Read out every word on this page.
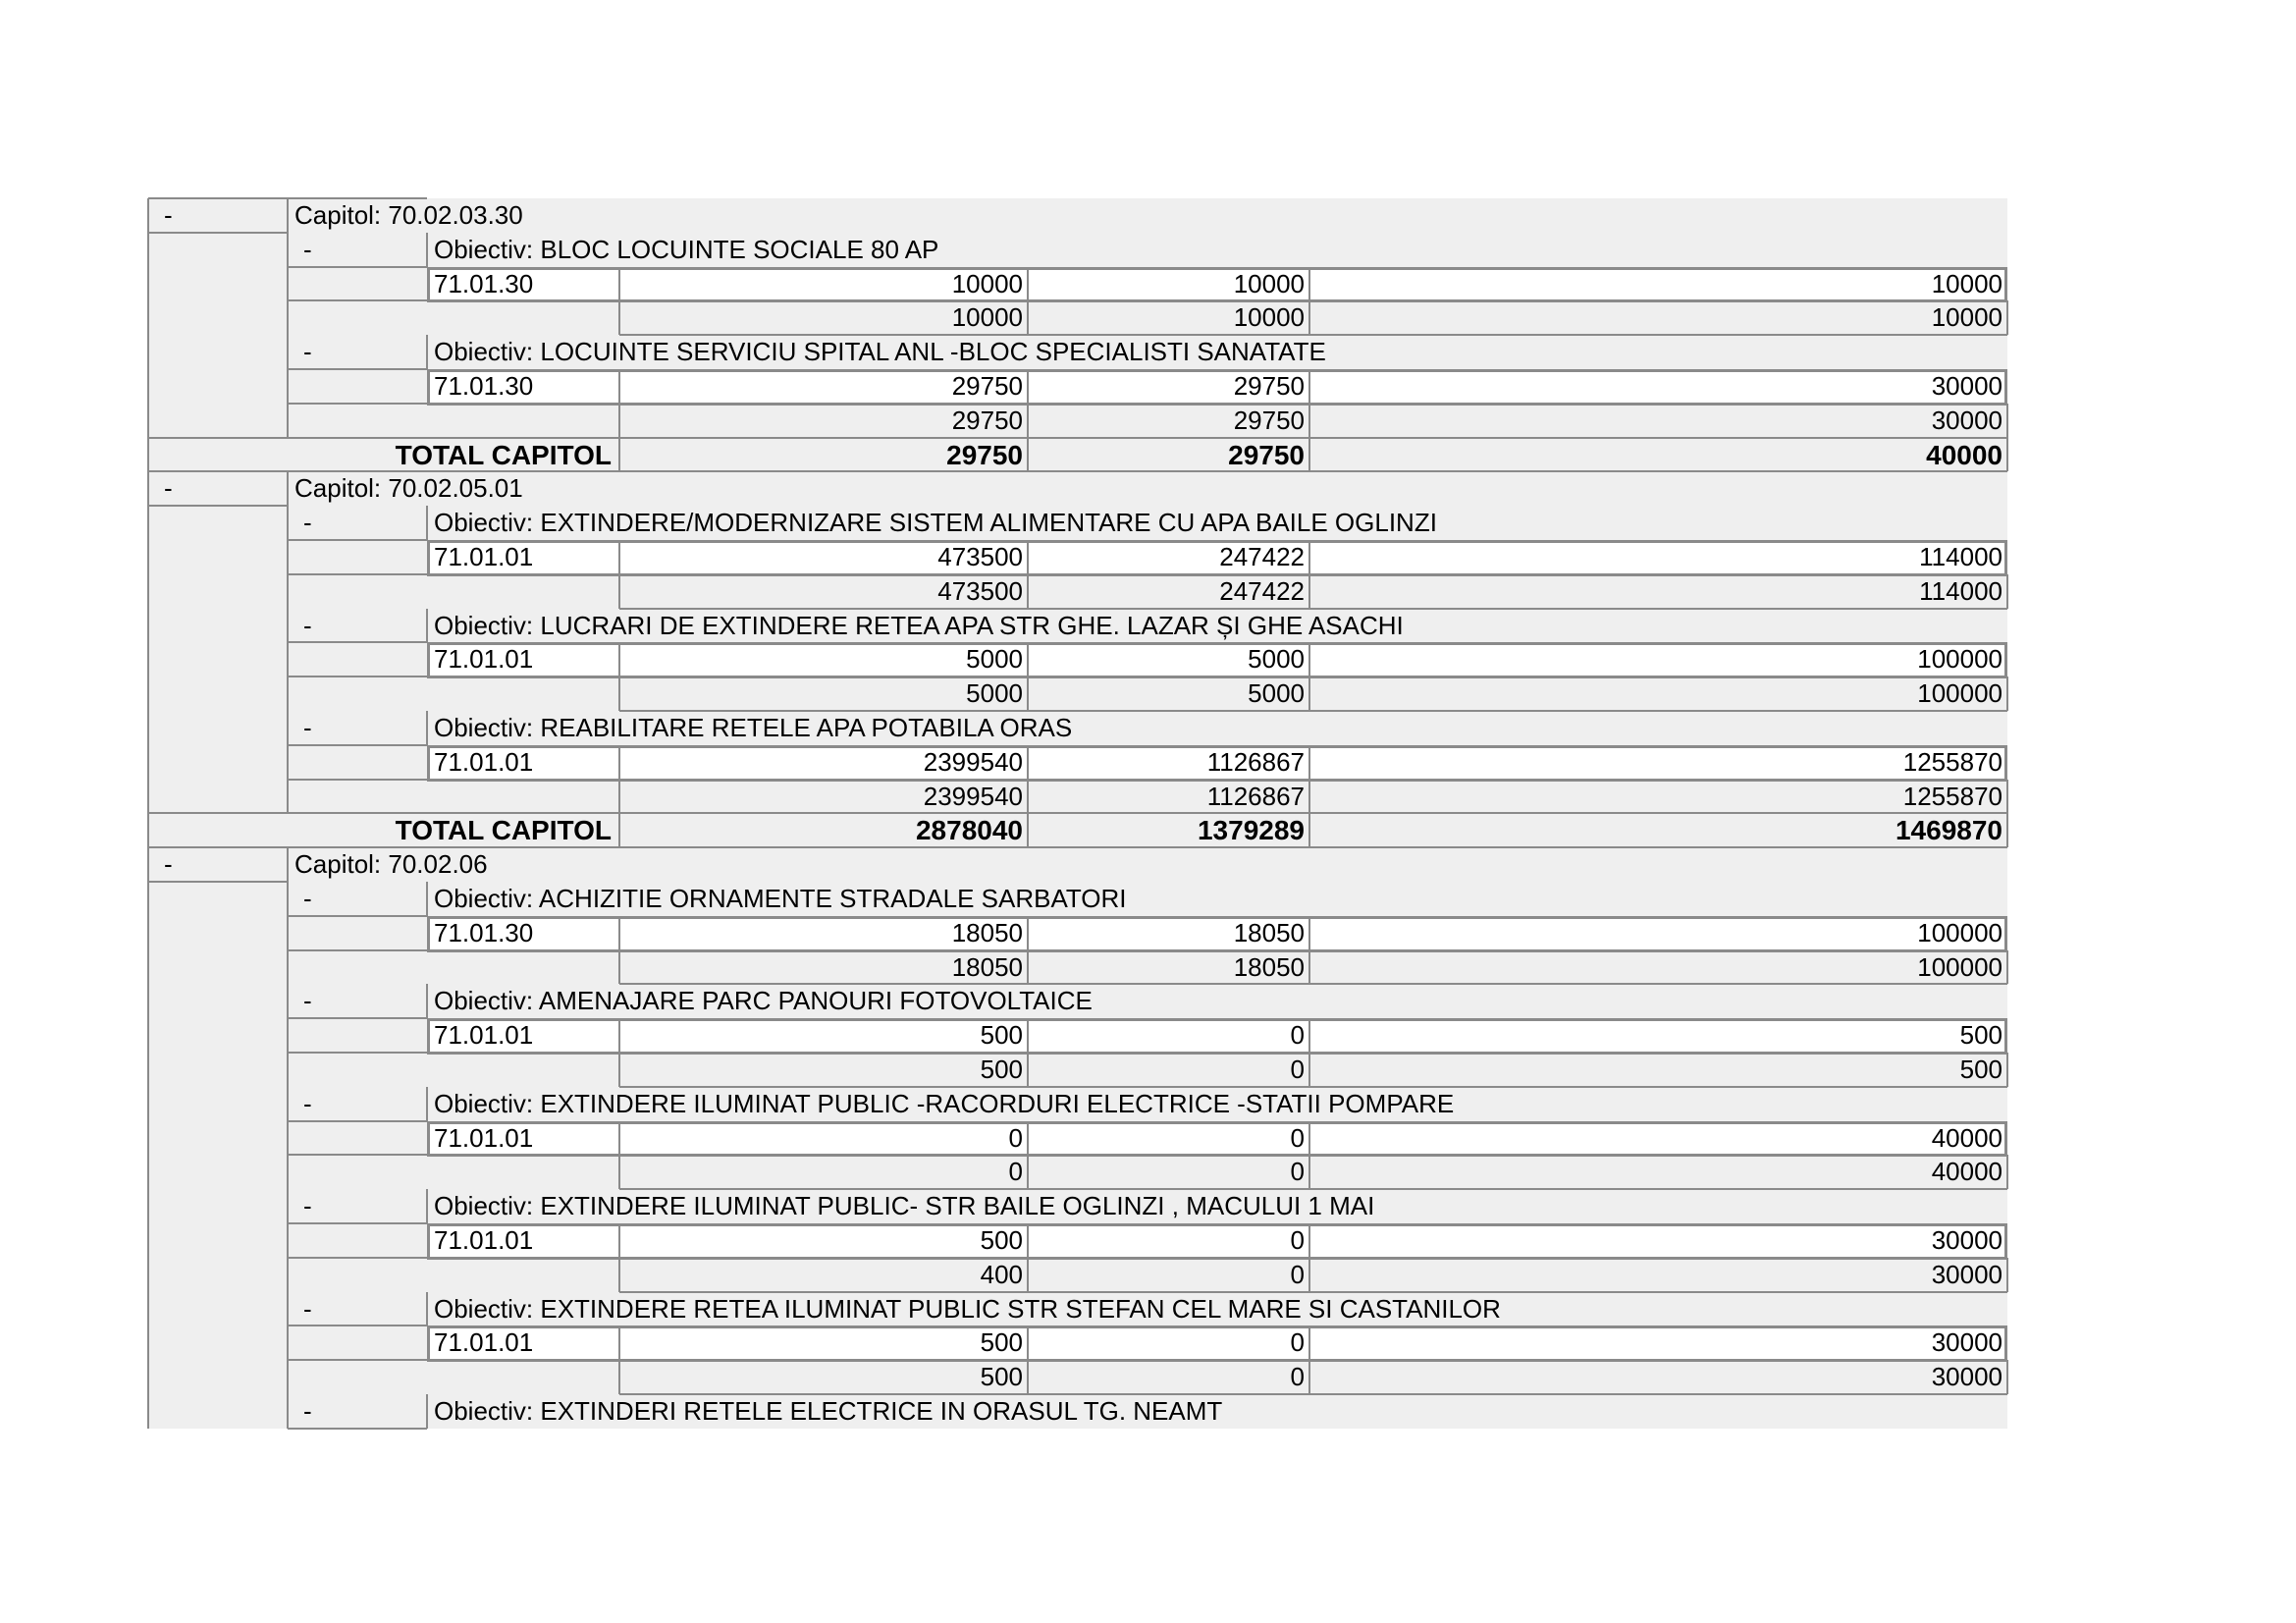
-	Capitol: 70.02.03.30
-	Obiectiv: BLOC LOCUINTE SOCIALE 80 AP
71.01.30	10000	10000	10000
10000	10000	10000
-	Obiectiv: LOCUINTE SERVICIU SPITAL ANL -BLOC SPECIALISTI SANATATE
71.01.30	29750	29750	30000
29750	29750	30000
TOTAL CAPITOL	29750	29750	40000
-	Capitol: 70.02.05.01
-	Obiectiv: EXTINDERE/MODERNIZARE SISTEM ALIMENTARE CU APA BAILE OGLINZI
71.01.01	473500	247422	114000
473500	247422	114000
-	Obiectiv: LUCRARI DE EXTINDERE RETEA APA STR GHE. LAZAR ȘI GHE ASACHI
71.01.01	5000	5000	100000
5000	5000	100000
-	Obiectiv: REABILITARE RETELE APA POTABILA ORAS
71.01.01	2399540	1126867	1255870
2399540	1126867	1255870
TOTAL CAPITOL	2878040	1379289	1469870
-	Capitol: 70.02.06
-	Obiectiv: ACHIZITIE ORNAMENTE STRADALE SARBATORI
71.01.30	18050	18050	100000
18050	18050	100000
-	Obiectiv: AMENAJARE PARC PANOURI FOTOVOLTAICE
71.01.01	500	0	500
500	0	500
-	Obiectiv: EXTINDERE ILUMINAT PUBLIC -RACORDURI ELECTRICE -STATII POMPARE
71.01.01	0	0	40000
0	0	40000
-	Obiectiv: EXTINDERE ILUMINAT PUBLIC- STR BAILE OGLINZI , MACULUI 1 MAI
71.01.01	500	0	30000
400	0	30000
-	Obiectiv: EXTINDERE RETEA ILUMINAT PUBLIC STR STEFAN CEL MARE SI CASTANILOR
71.01.01	500	0	30000
500	0	30000
-	Obiectiv: EXTINDERI RETELE ELECTRICE IN ORASUL TG. NEAMT
